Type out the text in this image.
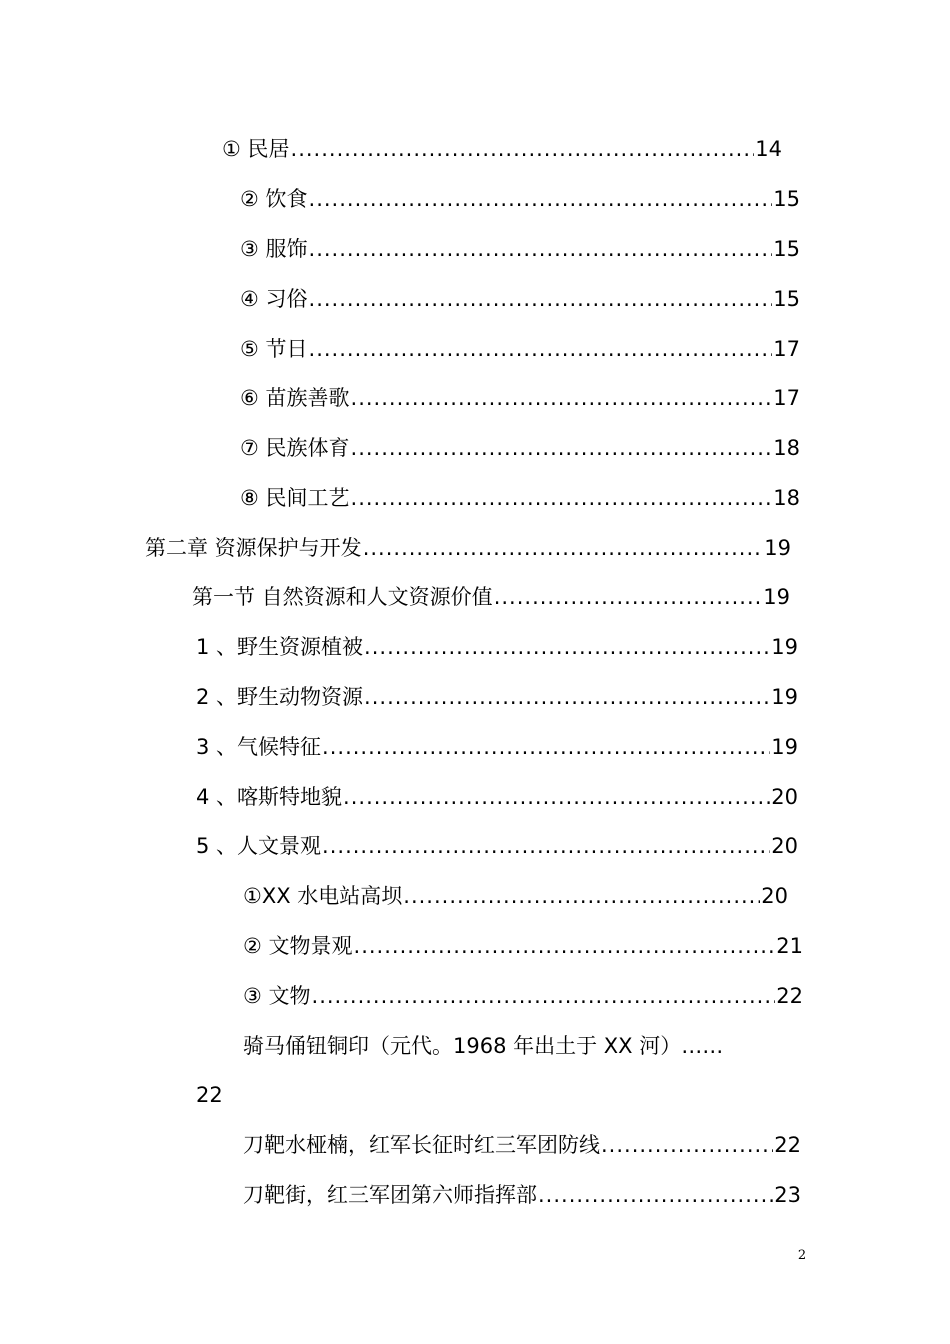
① 民居 .....	14
② 饮食 .....	15
③ 服饰 .....	15
④ 习俗 .....	15
⑤ 节日 .....	17
⑥ 苗族善歌 .....	17
⑦ 民族体育 .....	18
⑧ 民间工艺 .....	18
第二章 资源保护与开发 .....	19
第一节 自然资源和人文资源价值 .....	19
1 、野生资源植被 .....	19
2 、野生动物资源 .....	19
3 、气候特征 .....	19
4 、喀斯特地貌 .....	20
5 、人文景观 .....	20
①XX 水电站高坝 .....	20
② 文物景观 .....	21
③ 文物 .....	22
骑马俑钮铜印（元代。1968 年出土于 XX 河）……
22
刀靶水桠楠，红军长征时红三军团防线 .....	22
刀靶街，红三军团第六师指挥部 .....	23
2
